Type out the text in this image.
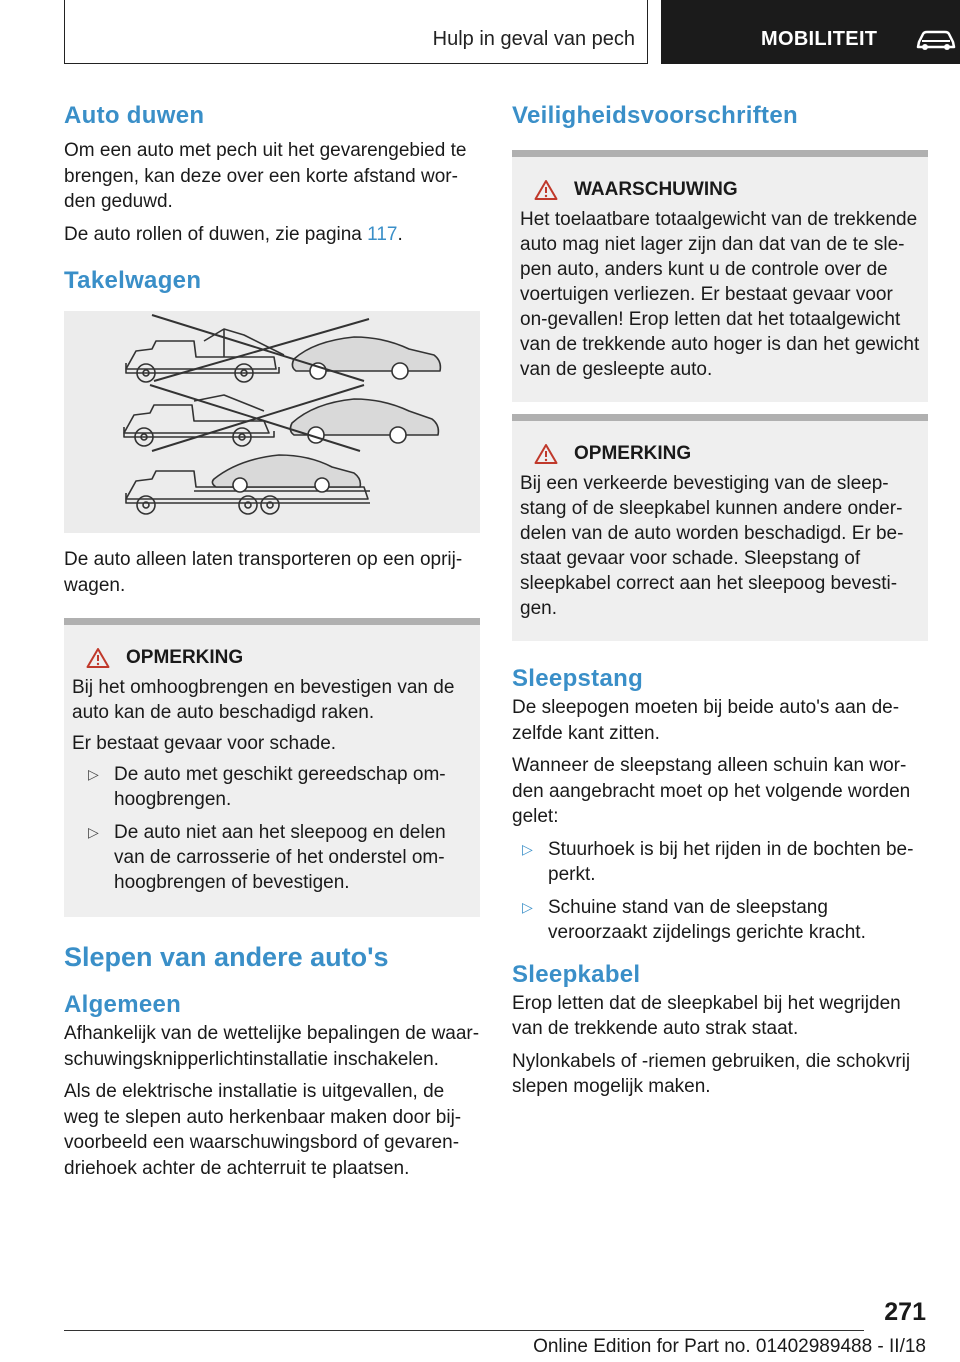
Hulp in geval van pech	MOBILITEIT
Auto duwen

Om een auto met pech uit het gevarengebied te brengen, kan deze over een korte afstand wor-den geduwd.

De auto rollen of duwen, zie pagina 117.

Takelwagen

De auto alleen laten transporteren op een oprij-wagen.

OPMERKING

Bij het omhoogbrengen en bevestigen van de auto kan de auto beschadigd raken.

Er bestaat gevaar voor schade.

▷ De auto met geschikt gereedschap om-hoogbrengen.
▷ De auto niet aan het sleepoog en delen van de carrosserie of het onderstel om-hoogbrengen of bevestigen.
Slepen van andere auto's
Algemeen

Afhankelijk van de wettelijke bepalingen de waar-schuwingsknipperlichtinstallatie inschakelen.

Als de elektrische installatie is uitgevallen, de weg te slepen auto herkenbaar maken door bij-voorbeeld een waarschuwingsbord of gevaren-driehoek achter de achterruit te plaatsen.

Veiligheidsvoorschriften
WAARSCHUWING

Het toelaatbare totaalgewicht van de trekkende auto mag niet lager zijn dan dat van de te sle-pen auto, anders kunt u de controle over de voertuigen verliezen. Er bestaat gevaar voor on-gevallen! Erop letten dat het totaalgewicht van de trekkende auto hoger is dan het gewicht van de gesleepte auto.

OPMERKING

Bij een verkeerde bevestiging van de sleep-stang of de sleepkabel kunnen andere onder-delen van de auto worden beschadigd. Er be-staat gevaar voor schade. Sleepstang of sleepkabel correct aan het sleepoog bevesti-gen.

Sleepstang

De sleepogen moeten bij beide auto's aan de-zelfde kant zitten.

Wanneer de sleepstang alleen schuin kan wor-den aangebracht moet op het volgende worden gelet:

▷ Stuurhoek is bij het rijden in de bochten be-perkt.
▷ Schuine stand van de sleepstang veroorzaakt zijdelings gerichte kracht.
Sleepkabel

Erop letten dat de sleepkabel bij het wegrijden van de trekkende auto strak staat.

Nylonkabels of -riemen gebruiken, die schokvrij slepen mogelijk maken.

271
Online Edition for Part no. 01402989488 - II/18
